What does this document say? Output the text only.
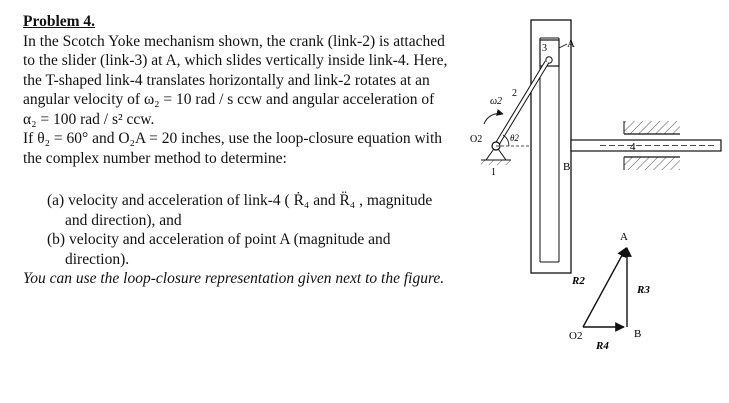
Problem 4.
In the Scotch Yoke mechanism shown, the crank (link-2) is attached
to the slider (link-3) at A, which slides vertically inside link-4. Here,
the T-shaped link-4 translates horizontally and link-2 rotates at an
angular velocity of ω₂ = 10 rad / s ccw and angular acceleration of
α₂ = 100 rad / s² ccw.
If θ₂ = 60° and O₂A = 20 inches, use the loop-closure equation with
the complex number method to determine:
(a) velocity and acceleration of link-4 ( Ṙ₄ and R̈₄ , magnitude
and direction), and
(b) velocity and acceleration of point A (magnitude and
direction).
You can use the loop-closure representation given next to the figure.
4
3 A
2
ω2
O2	θ2
1	B
A
R2
R3
O2
R4
B
